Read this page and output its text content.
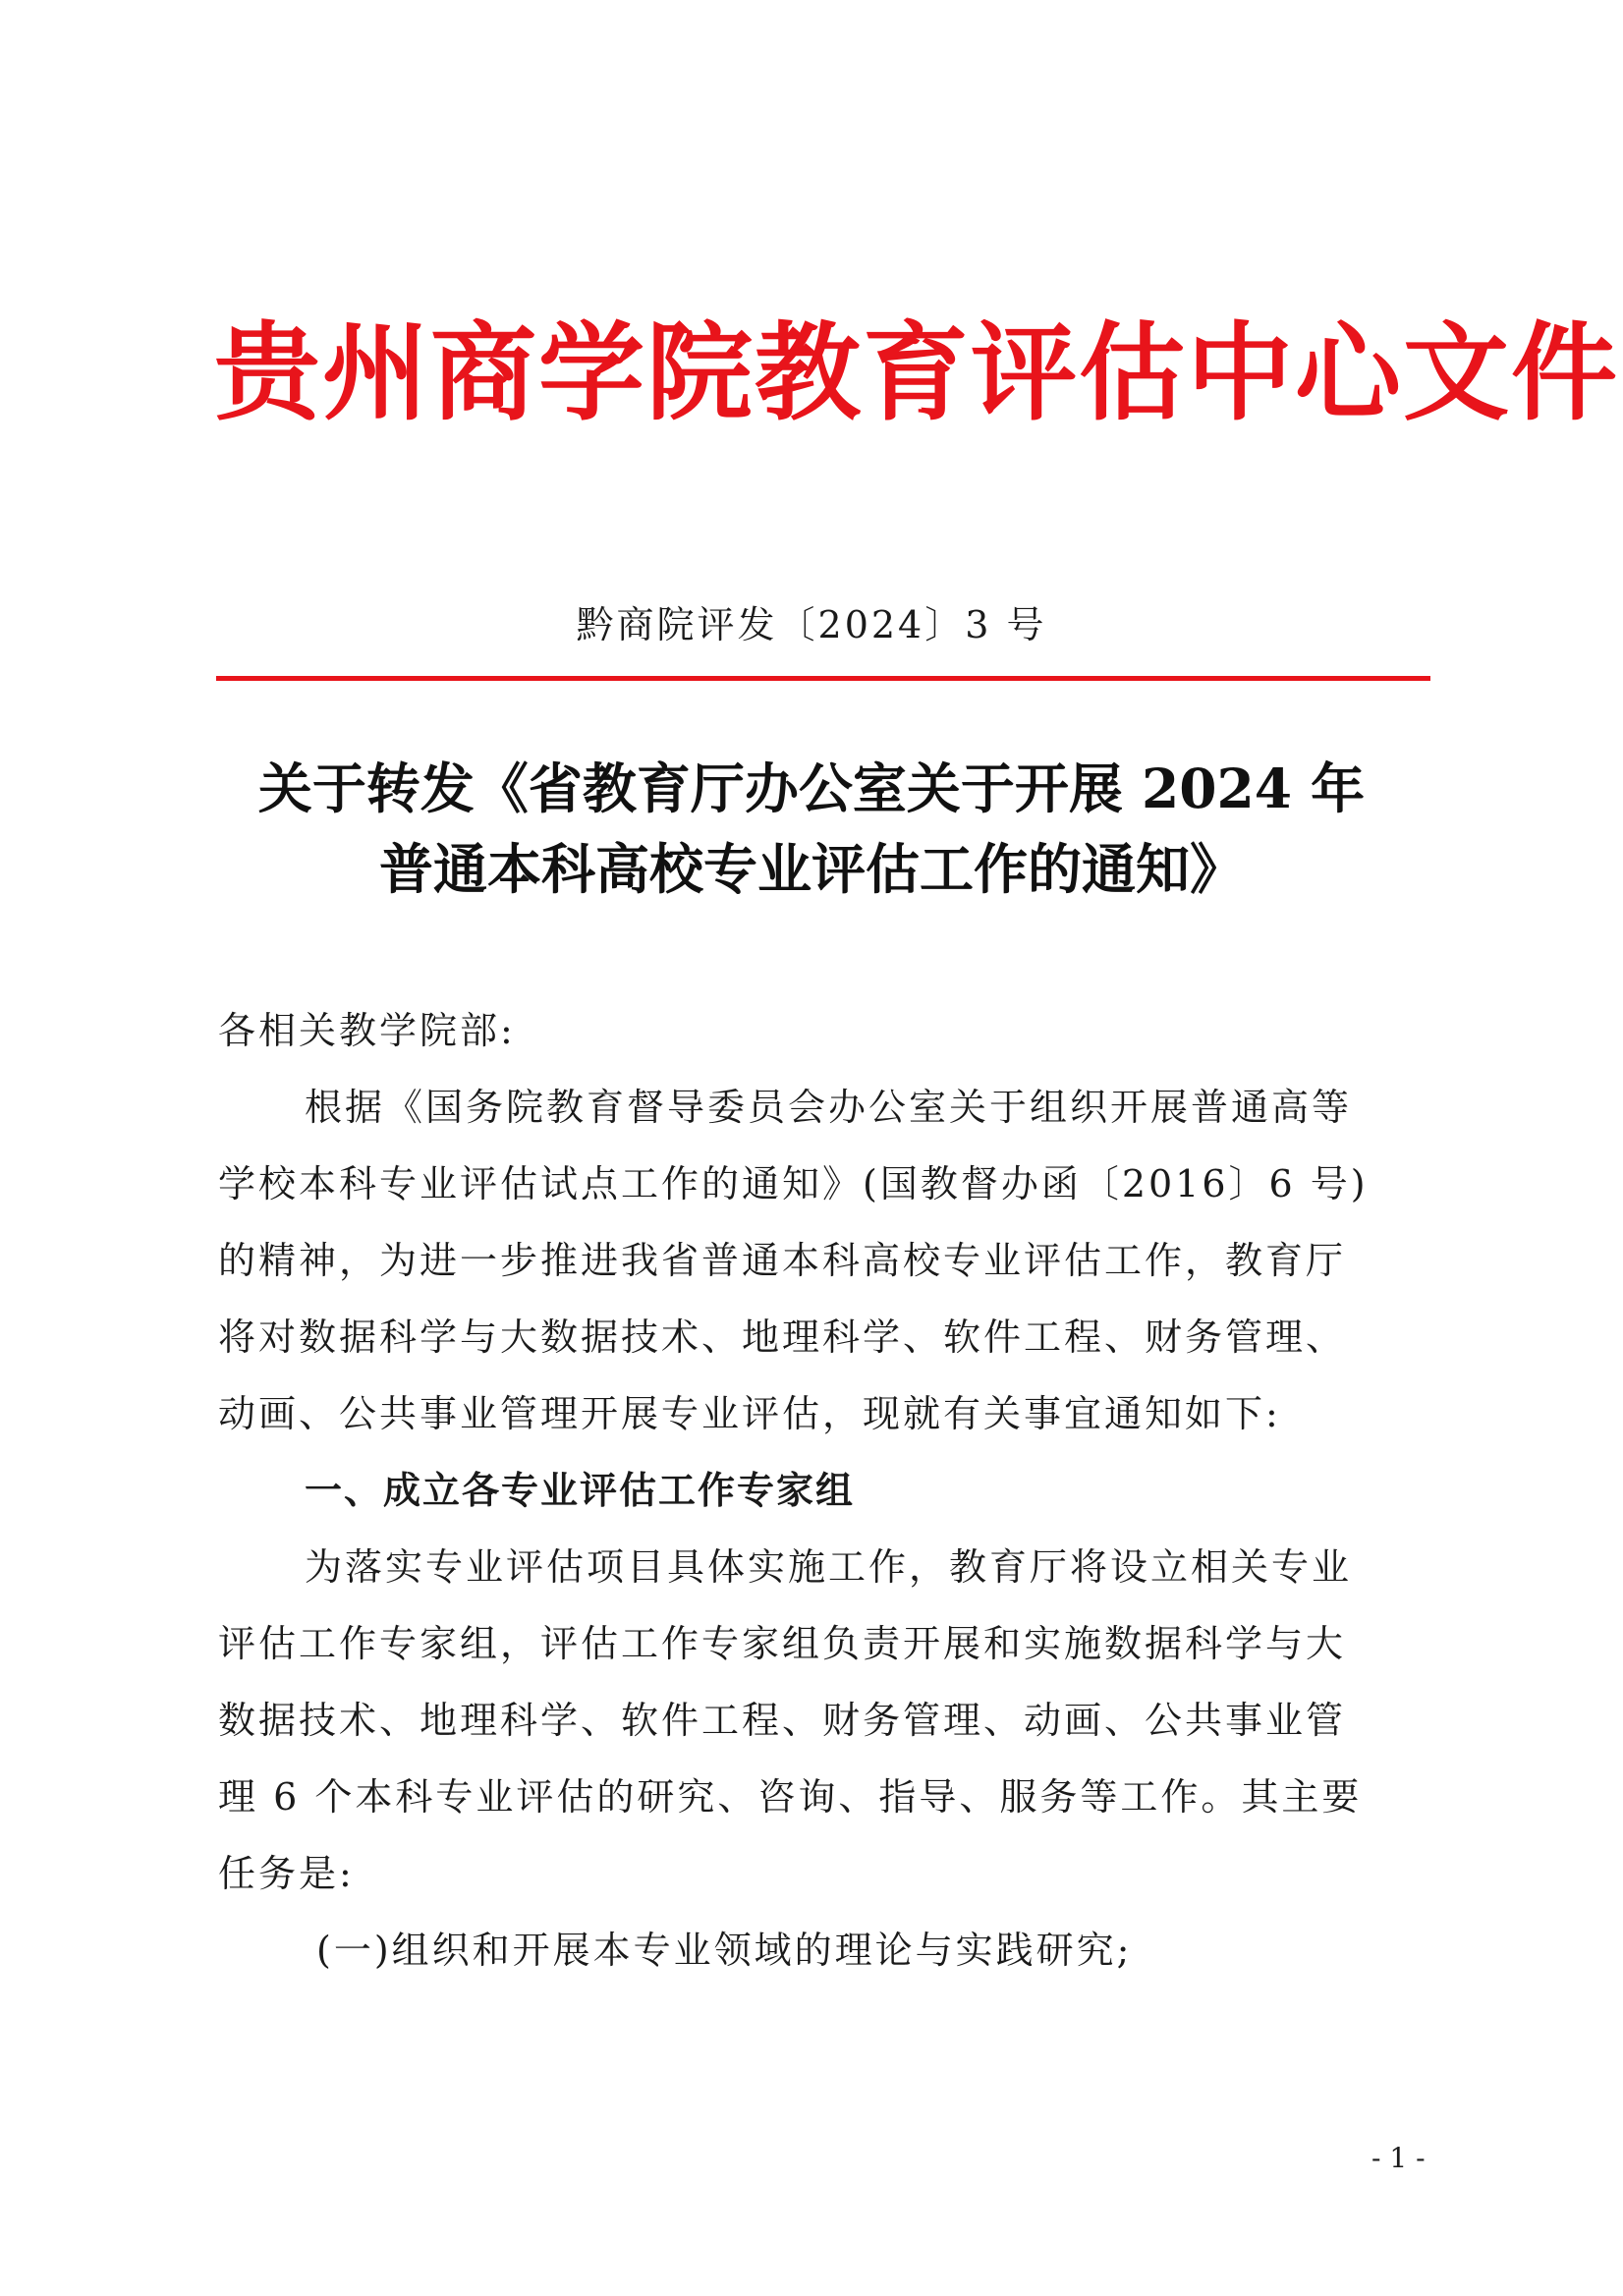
贵州商学院教育评估中心文件
黔商院评发〔2024〕3 号
关于转发《省教育厅办公室关于开展 2024 年
普通本科高校专业评估工作的通知》

各相关教学院部:

根据《国务院教育督导委员会办公室关于组织开展普通高等
学校本科专业评估试点工作的通知》(国教督办函〔2016〕6 号)
的精神，为进一步推进我省普通本科高校专业评估工作，教育厅
将对数据科学与大数据技术、地理科学、软件工程、财务管理、
动画、公共事业管理开展专业评估，现就有关事宜通知如下:

一、成立各专业评估工作专家组

为落实专业评估项目具体实施工作，教育厅将设立相关专业
评估工作专家组，评估工作专家组负责开展和实施数据科学与大
数据技术、地理科学、软件工程、财务管理、动画、公共事业管
理 6 个本科专业评估的研究、咨询、指导、服务等工作。其主要
任务是:

(一)组织和开展本专业领域的理论与实践研究;

- 1 -
